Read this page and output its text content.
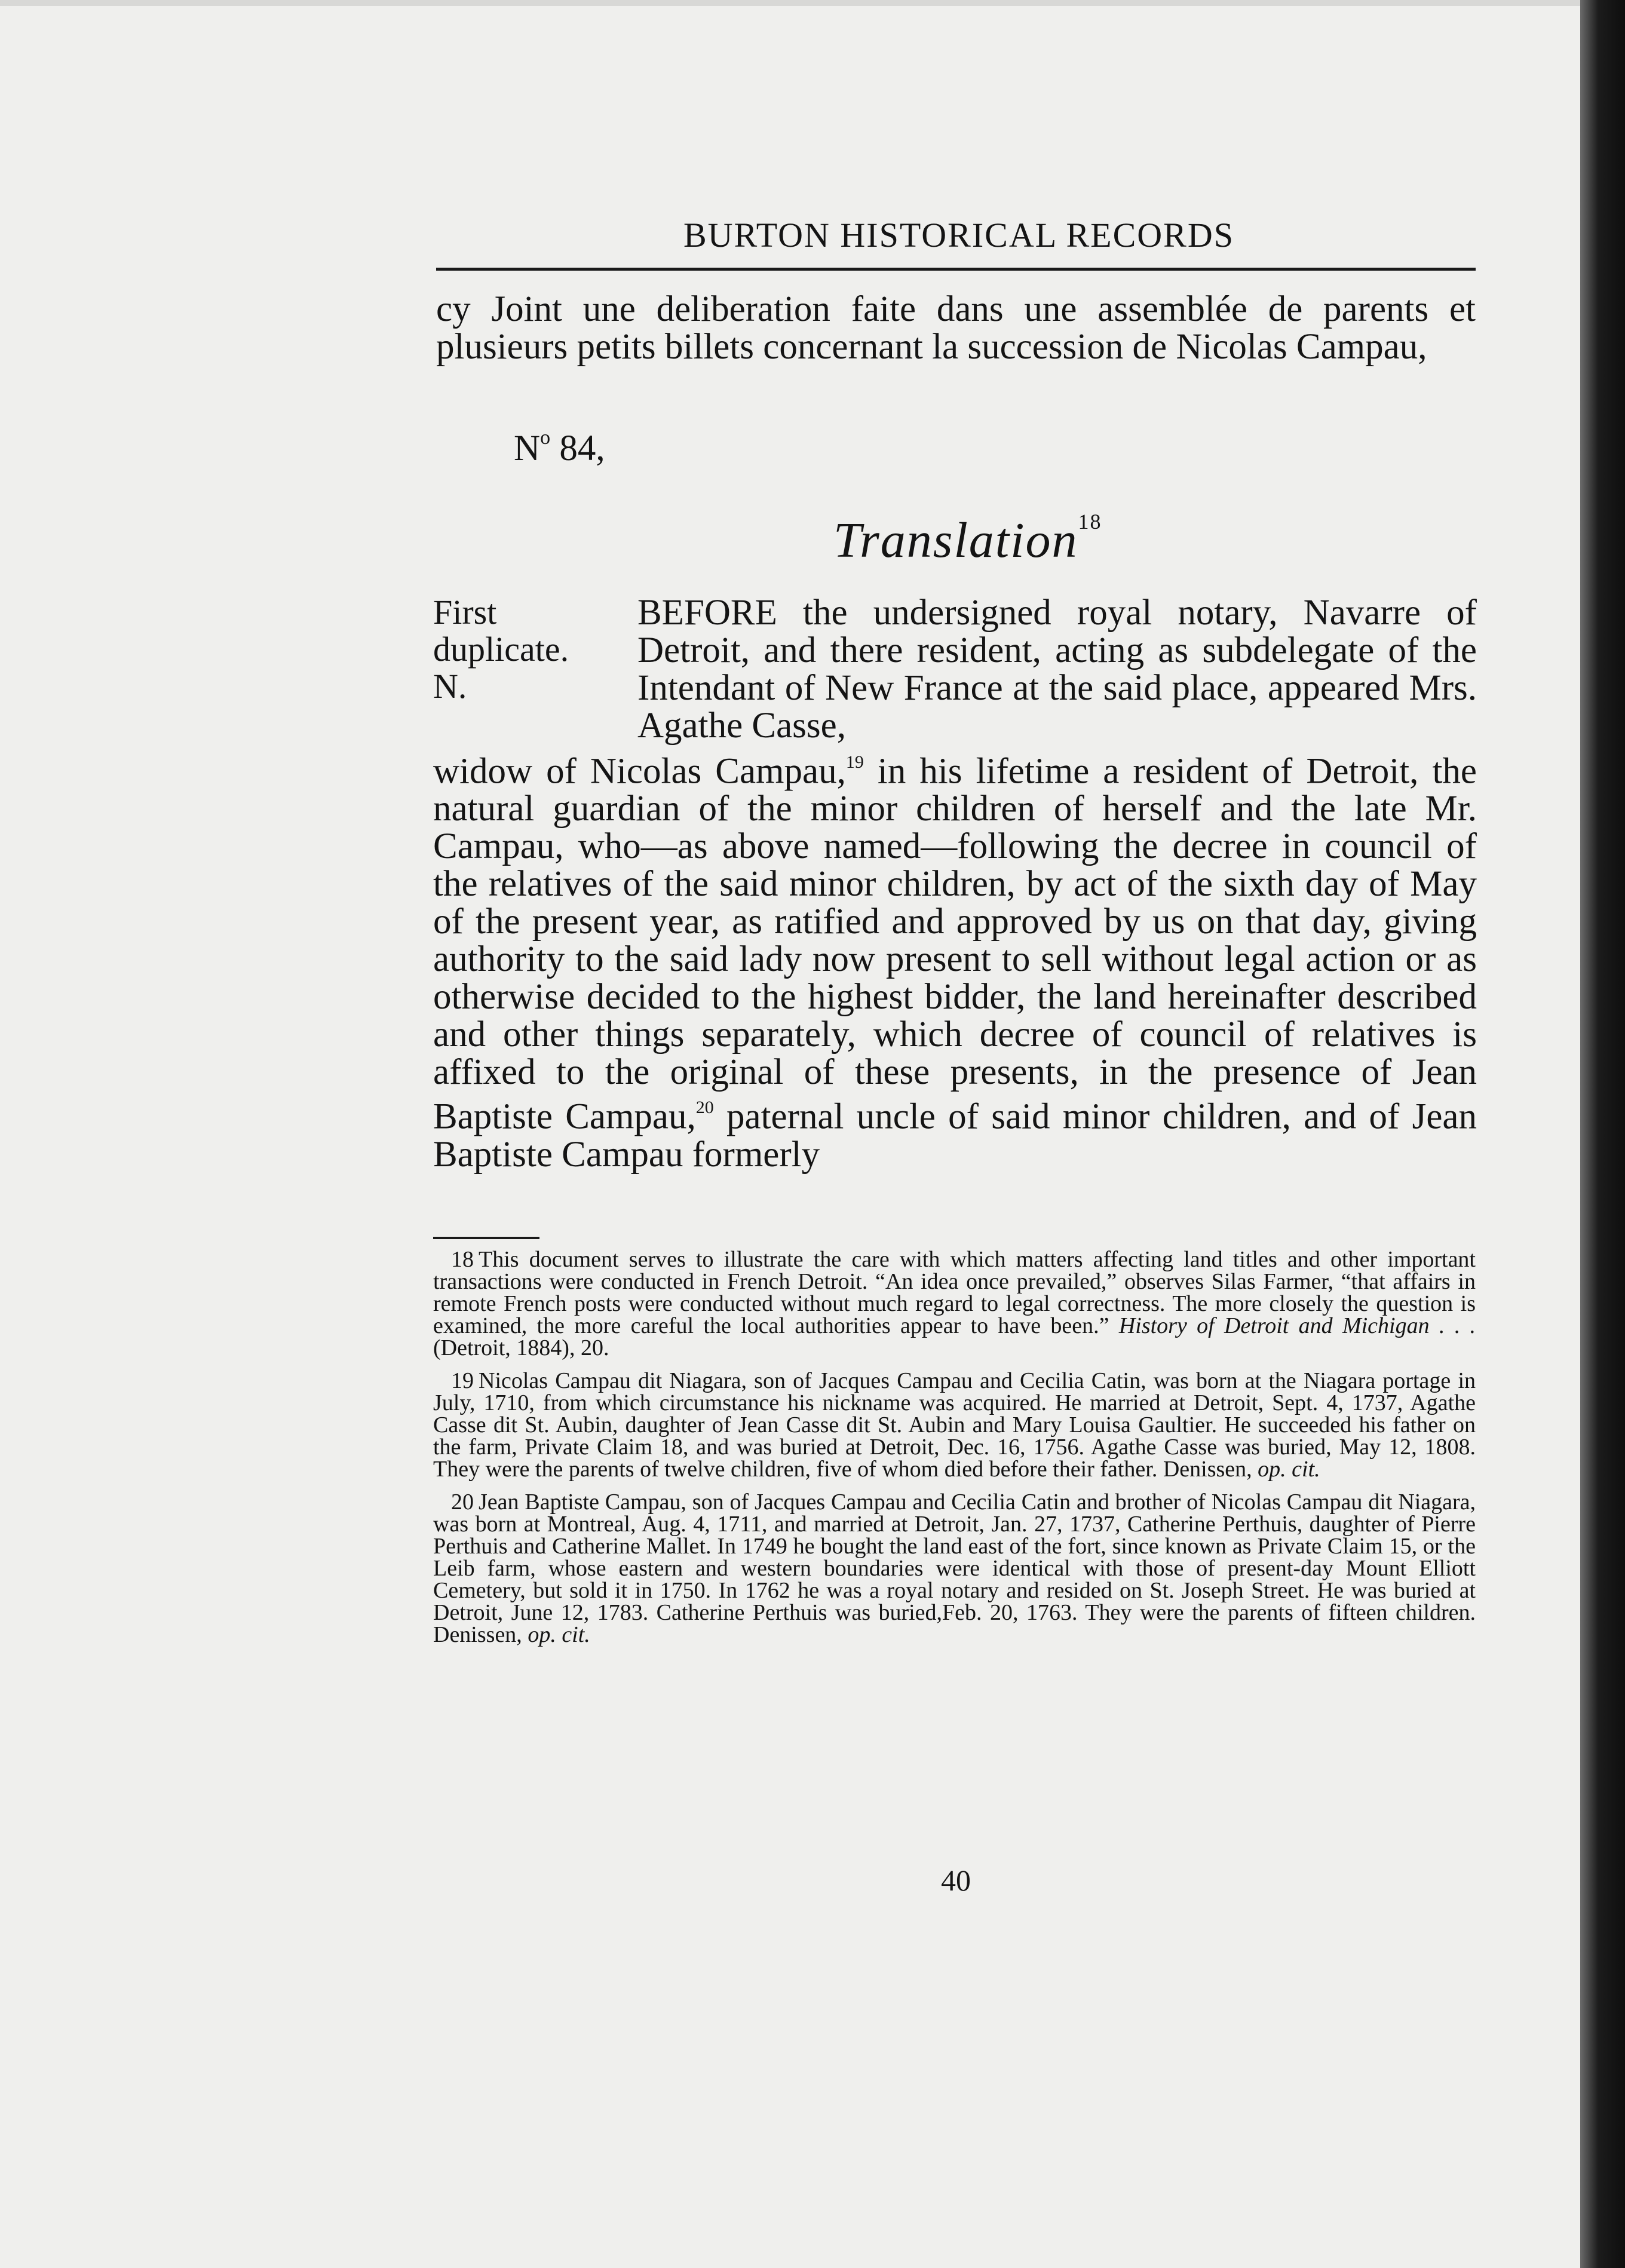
BURTON HISTORICAL RECORDS
cy Joint une deliberation faite dans une assemblée de parents et plusieurs petits billets concernant la succession de Nicolas Campau,
$N^o$ 84,
Translation$^{18}$
First
duplicate.
N.
BEFORE the undersigned royal notary, Navarre of Detroit, and there resident, acting as subdelegate of the Intendant of New France at the said place, appeared Mrs. Agathe Casse,
widow of Nicolas Campau,$^{19}$ in his lifetime a resident of Detroit, the natural guardian of the minor children of herself and the late Mr. Campau, who—as above named—following the decree in council of the relatives of the said minor children, by act of the sixth day of May of the present year, as ratified and approved by us on that day, giving authority to the said lady now present to sell without legal action or as otherwise decided to the highest bidder, the land hereinafter described and other things separately, which decree of council of relatives is affixed to the original of these presents, in the presence of Jean Baptiste Campau,$^{20}$ paternal uncle of said minor children, and of Jean Baptiste Campau formerly

18 This document serves to illustrate the care with which matters affecting land titles and other important transactions were conducted in French Detroit. “An idea once prevailed,” observes Silas Farmer, “that affairs in remote French posts were conducted without much regard to legal correctness. The more closely the question is examined, the more careful the local authorities appear to have been.” History of Detroit and Michigan . . . (Detroit, 1884), 20.

19 Nicolas Campau dit Niagara, son of Jacques Campau and Cecilia Catin, was born at the Niagara portage in July, 1710, from which circumstance his nickname was acquired. He married at Detroit, Sept. 4, 1737, Agathe Casse dit St. Aubin, daughter of Jean Casse dit St. Aubin and Mary Louisa Gaultier. He succeeded his father on the farm, Private Claim 18, and was buried at Detroit, Dec. 16, 1756. Agathe Casse was buried, May 12, 1808. They were the parents of twelve children, five of whom died before their father. Denissen, op. cit.

20 Jean Baptiste Campau, son of Jacques Campau and Cecilia Catin and brother of Nicolas Campau dit Niagara, was born at Montreal, Aug. 4, 1711, and married at Detroit, Jan. 27, 1737, Catherine Perthuis, daughter of Pierre Perthuis and Catherine Mallet. In 1749 he bought the land east of the fort, since known as Private Claim 15, or the Leib farm, whose eastern and western boundaries were identical with those of present-day Mount Elliott Cemetery, but sold it in 1750. In 1762 he was a royal notary and resided on St. Joseph Street. He was buried at Detroit, June 12, 1783. Catherine Perthuis was buried,Feb. 20, 1763. They were the parents of fifteen children. Denissen, op. cit.

40
